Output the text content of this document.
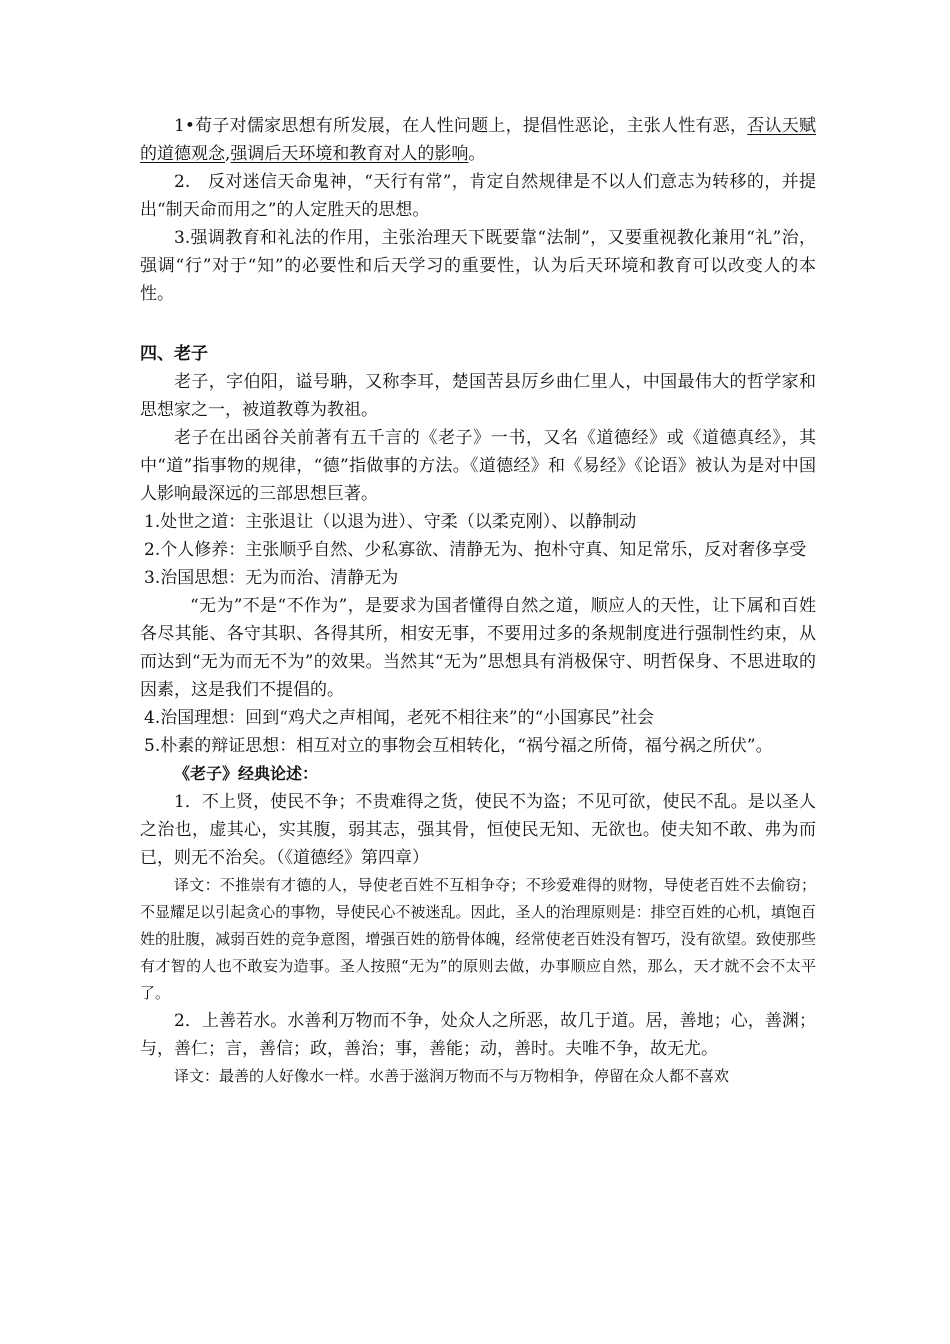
1•荀子对儒家思想有所发展，在人性问题上，提倡性恶论，主张人性有恶，否认天赋的道德观念,强调后天环境和教育对人的影响。

2.　反对迷信天命鬼神，“天行有常”，肯定自然规律是不以人们意志为转移的，并提出“制天命而用之”的人定胜天的思想。

3.强调教育和礼法的作用，主张治理天下既要靠“法制”，又要重视教化兼用“礼”治，强调“行”对于“知”的必要性和后天学习的重要性，认为后天环境和教育可以改变人的本性。

四、老子

老子，字伯阳，谥号聃，又称李耳，楚国苦县厉乡曲仁里人，中国最伟大的哲学家和思想家之一，被道教尊为教祖。

老子在出函谷关前著有五千言的《老子》一书，又名《道德经》或《道德真经》，其中“道”指事物的规律，“德”指做事的方法。《道德经》和《易经》《论语》被认为是对中国人影响最深远的三部思想巨著。

1.处世之道：主张退让（以退为进）、守柔（以柔克刚）、以静制动

2.个人修养：主张顺乎自然、少私寡欲、清静无为、抱朴守真、知足常乐，反对奢侈享受

3.治国思想：无为而治、清静无为

“无为”不是“不作为”，是要求为国者懂得自然之道，顺应人的天性，让下属和百姓各尽其能、各守其职、各得其所，相安无事，不要用过多的条规制度进行强制性约束，从而达到“无为而无不为”的效果。当然其“无为”思想具有消极保守、明哲保身、不思进取的因素，这是我们不提倡的。

4.治国理想：回到“鸡犬之声相闻，老死不相往来”的“小国寡民”社会

5.朴素的辩证思想：相互对立的事物会互相转化，“祸兮福之所倚，福兮祸之所伏”。

《老子》经典论述：

1．不上贤，使民不争；不贵难得之货，使民不为盗；不见可欲，使民不乱。是以圣人之治也，虚其心，实其腹，弱其志，强其骨，恒使民无知、无欲也。使夫知不敢、弗为而已，则无不治矣。（《道德经》第四章）

译文：不推崇有才德的人，导使老百姓不互相争夺；不珍爱难得的财物，导使老百姓不去偷窃；不显耀足以引起贪心的事物，导使民心不被迷乱。因此，圣人的治理原则是：排空百姓的心机，填饱百姓的肚腹，减弱百姓的竞争意图，增强百姓的筋骨体魄，经常使老百姓没有智巧，没有欲望。致使那些有才智的人也不敢妄为造事。圣人按照“无为”的原则去做，办事顺应自然，那么，天才就不会不太平了。

2．上善若水。水善利万物而不争，处众人之所恶，故几于道。居，善地；心，善渊；与，善仁；言，善信；政，善治；事，善能；动，善时。夫唯不争，故无尤。

译文：最善的人好像水一样。水善于滋润万物而不与万物相争，停留在众人都不喜欢
